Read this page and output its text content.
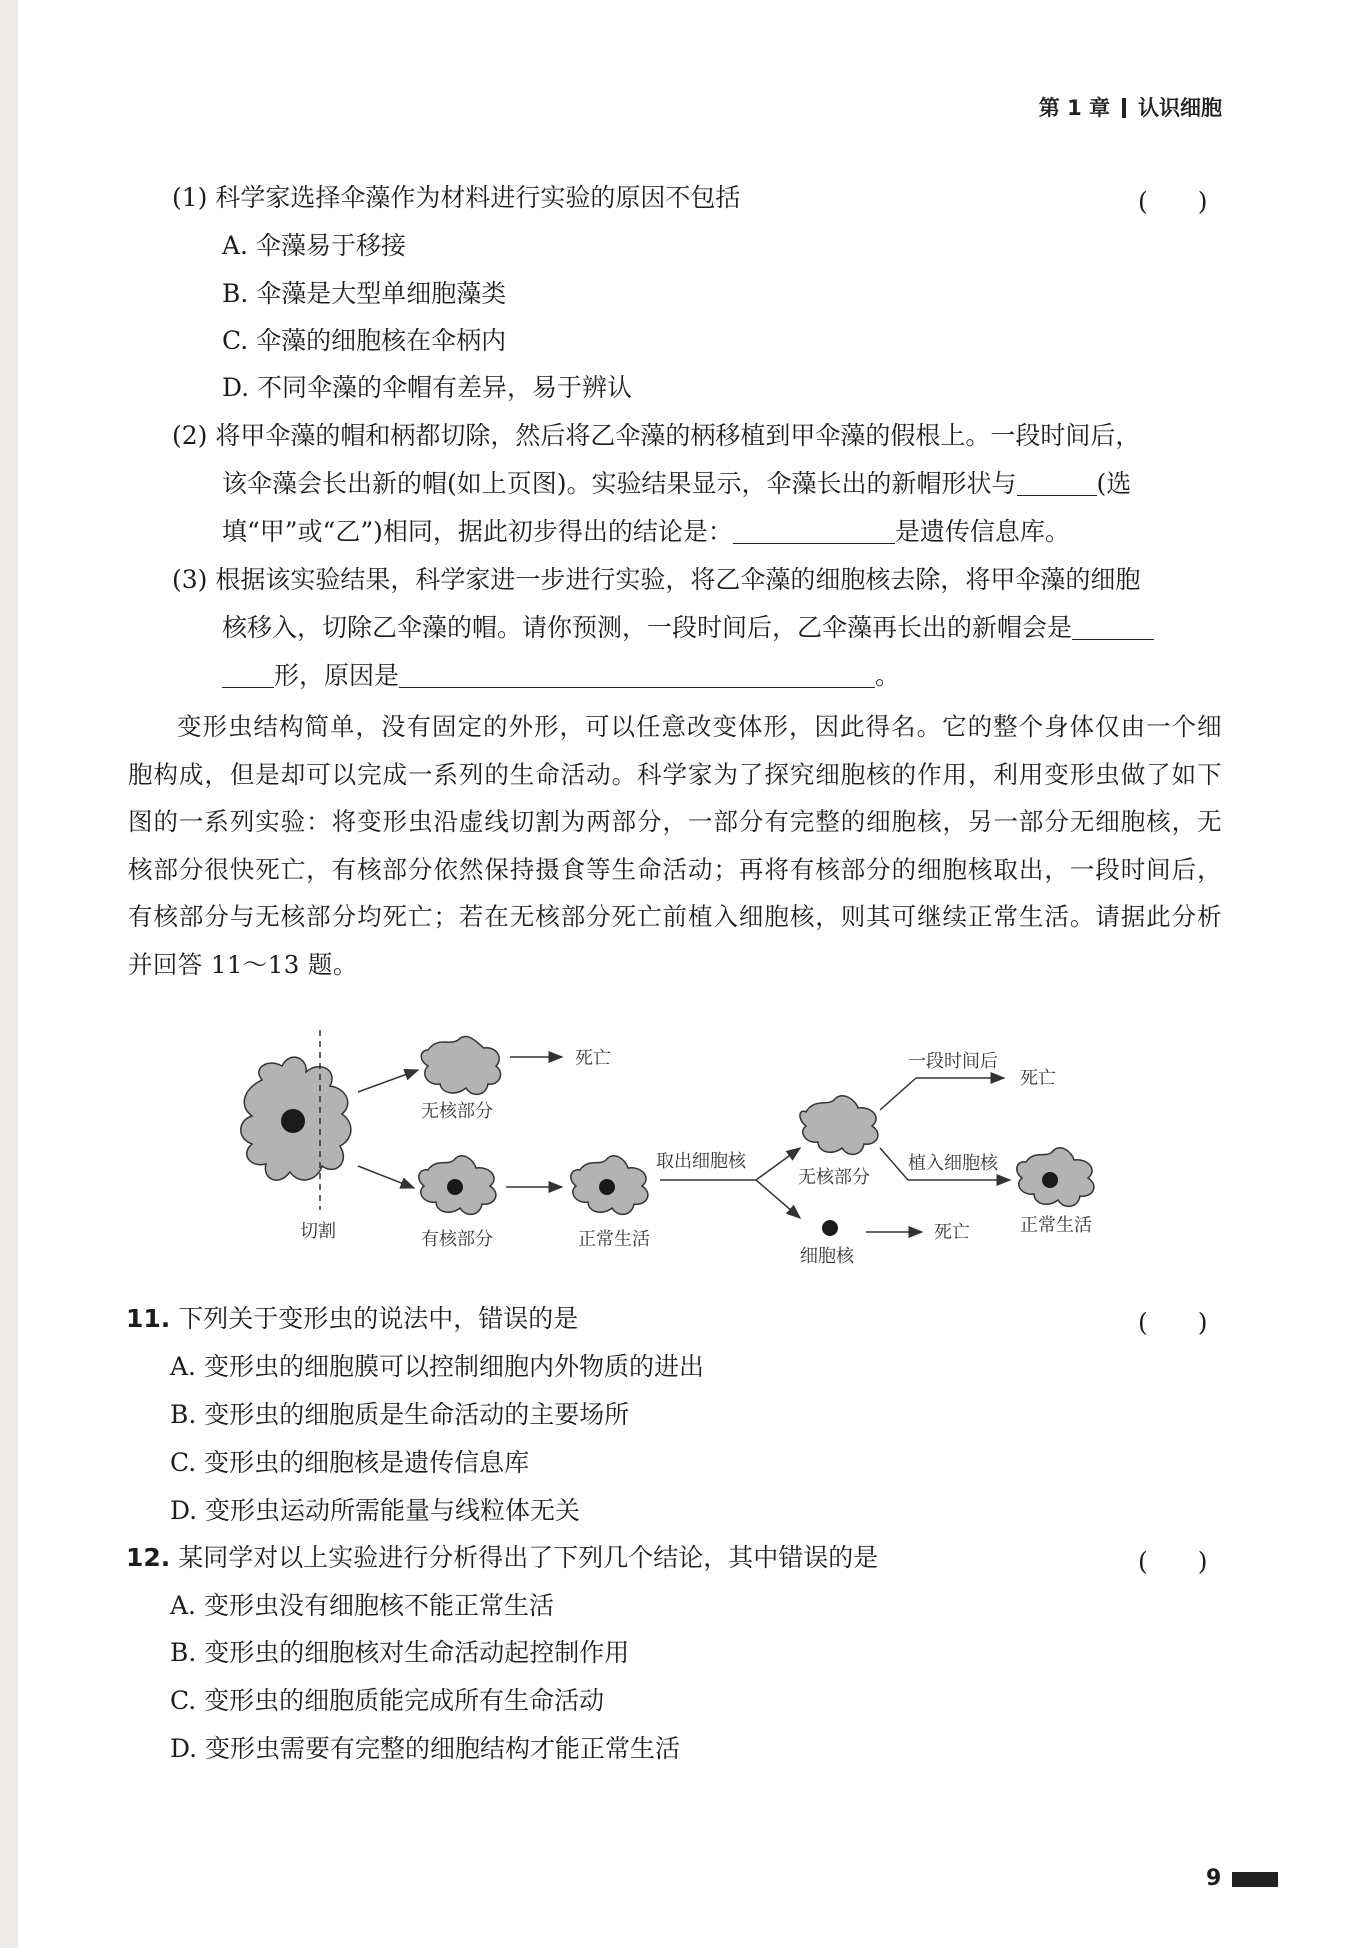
第 1 章 认识细胞
(1) 科学家选择伞藻作为材料进行实验的原因不包括	(　　)
A. 伞藻易于移接
B. 伞藻是大型单细胞藻类
C. 伞藻的细胞核在伞柄内
D. 不同伞藻的伞帽有差异，易于辨认
(2) 将甲伞藻的帽和柄都切除，然后将乙伞藻的柄移植到甲伞藻的假根上。一段时间后，
该伞藻会长出新的帽(如上页图)。实验结果显示，伞藻长出的新帽形状与	(选
填“甲”或“乙”)相同，据此初步得出的结论是：	是遗传信息库。
(3) 根据该实验结果，科学家进一步进行实验，将乙伞藻的细胞核去除，将甲伞藻的细胞
核移入，切除乙伞藻的帽。请你预测，一段时间后，乙伞藻再长出的新帽会是
形，原因是	。
变形虫结构简单，没有固定的外形，可以任意改变体形，因此得名。它的整个身体仅由一个细胞构成，但是却可以完成一系列的生命活动。科学家为了探究细胞核的作用，利用变形虫做了如下图的一系列实验：将变形虫沿虚线切割为两部分，一部分有完整的细胞核，另一部分无细胞核，无核部分很快死亡，有核部分依然保持摄食等生命活动；再将有核部分的细胞核取出，一段时间后，有核部分与无核部分均死亡；若在无核部分死亡前植入细胞核，则其可继续正常生活。请据此分析并回答 11～13 题。
切割
无核部分
死亡
有核部分	正常生活
取出细胞核
无核部分
一段时间后
死亡
植入细胞核
正常生活
细胞核
死亡
11. 下列关于变形虫的说法中，错误的是	(　　)
A. 变形虫的细胞膜可以控制细胞内外物质的进出
B. 变形虫的细胞质是生命活动的主要场所
C. 变形虫的细胞核是遗传信息库
D. 变形虫运动所需能量与线粒体无关
12. 某同学对以上实验进行分析得出了下列几个结论，其中错误的是	(　　)
A. 变形虫没有细胞核不能正常生活
B. 变形虫的细胞核对生命活动起控制作用
C. 变形虫的细胞质能完成所有生命活动
D. 变形虫需要有完整的细胞结构才能正常生活
9
